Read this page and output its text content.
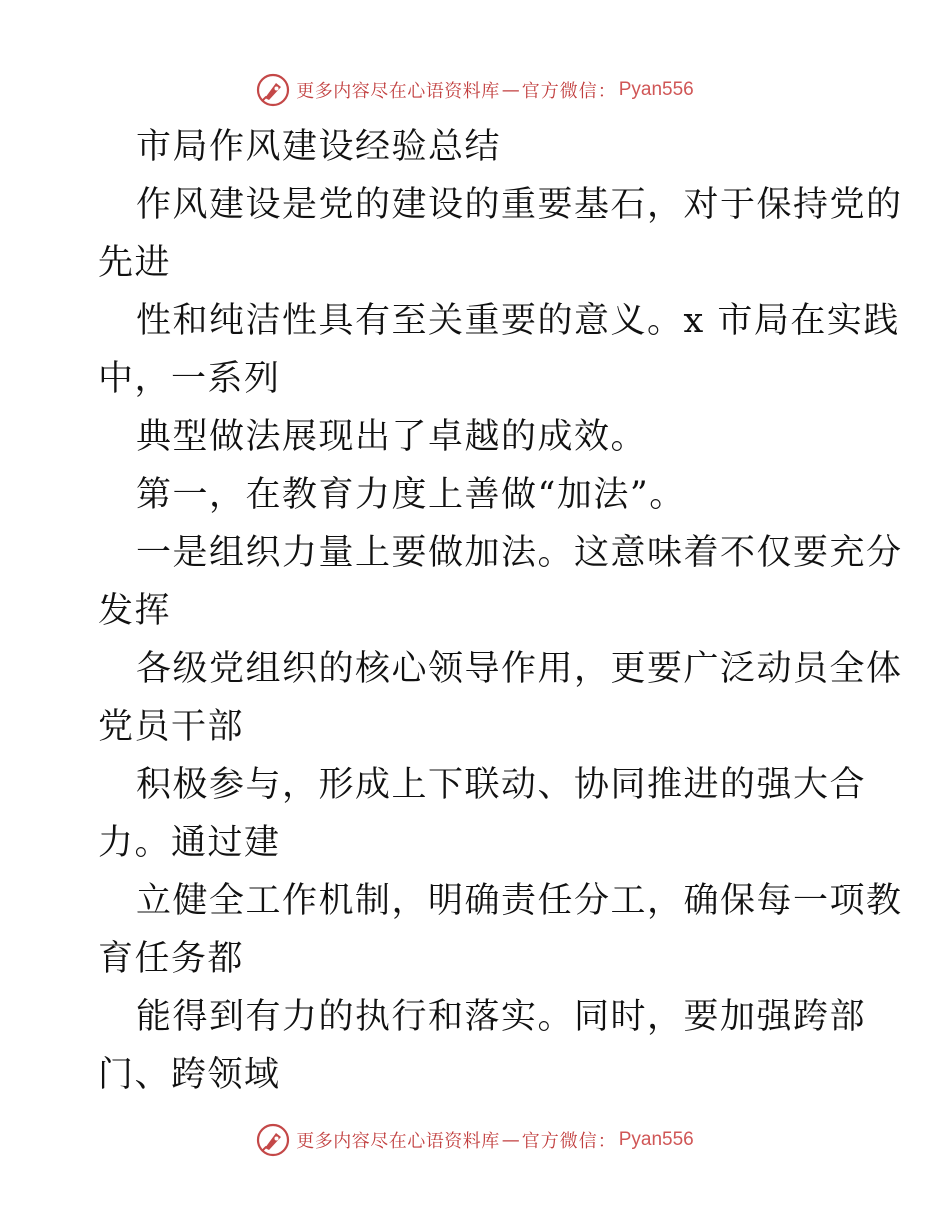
更多内容尽在心语资料库 — 官方微信： Pyan556
市局作风建设经验总结
作风建设是党的建设的重要基石，对于保持党的
先进
性和纯洁性具有至关重要的意义。x 市局在实践
中，一系列
典型做法展现出了卓越的成效。
第一，在教育力度上善做“加法”。
一是组织力量上要做加法。这意味着不仅要充分
发挥
各级党组织的核心领导作用，更要广泛动员全体
党员干部
积极参与，形成上下联动、协同推进的强大合
力。通过建
立健全工作机制，明确责任分工，确保每一项教
育任务都
能得到有力的执行和落实。同时，要加强跨部
门、跨领域
更多内容尽在心语资料库 — 官方微信： Pyan556
